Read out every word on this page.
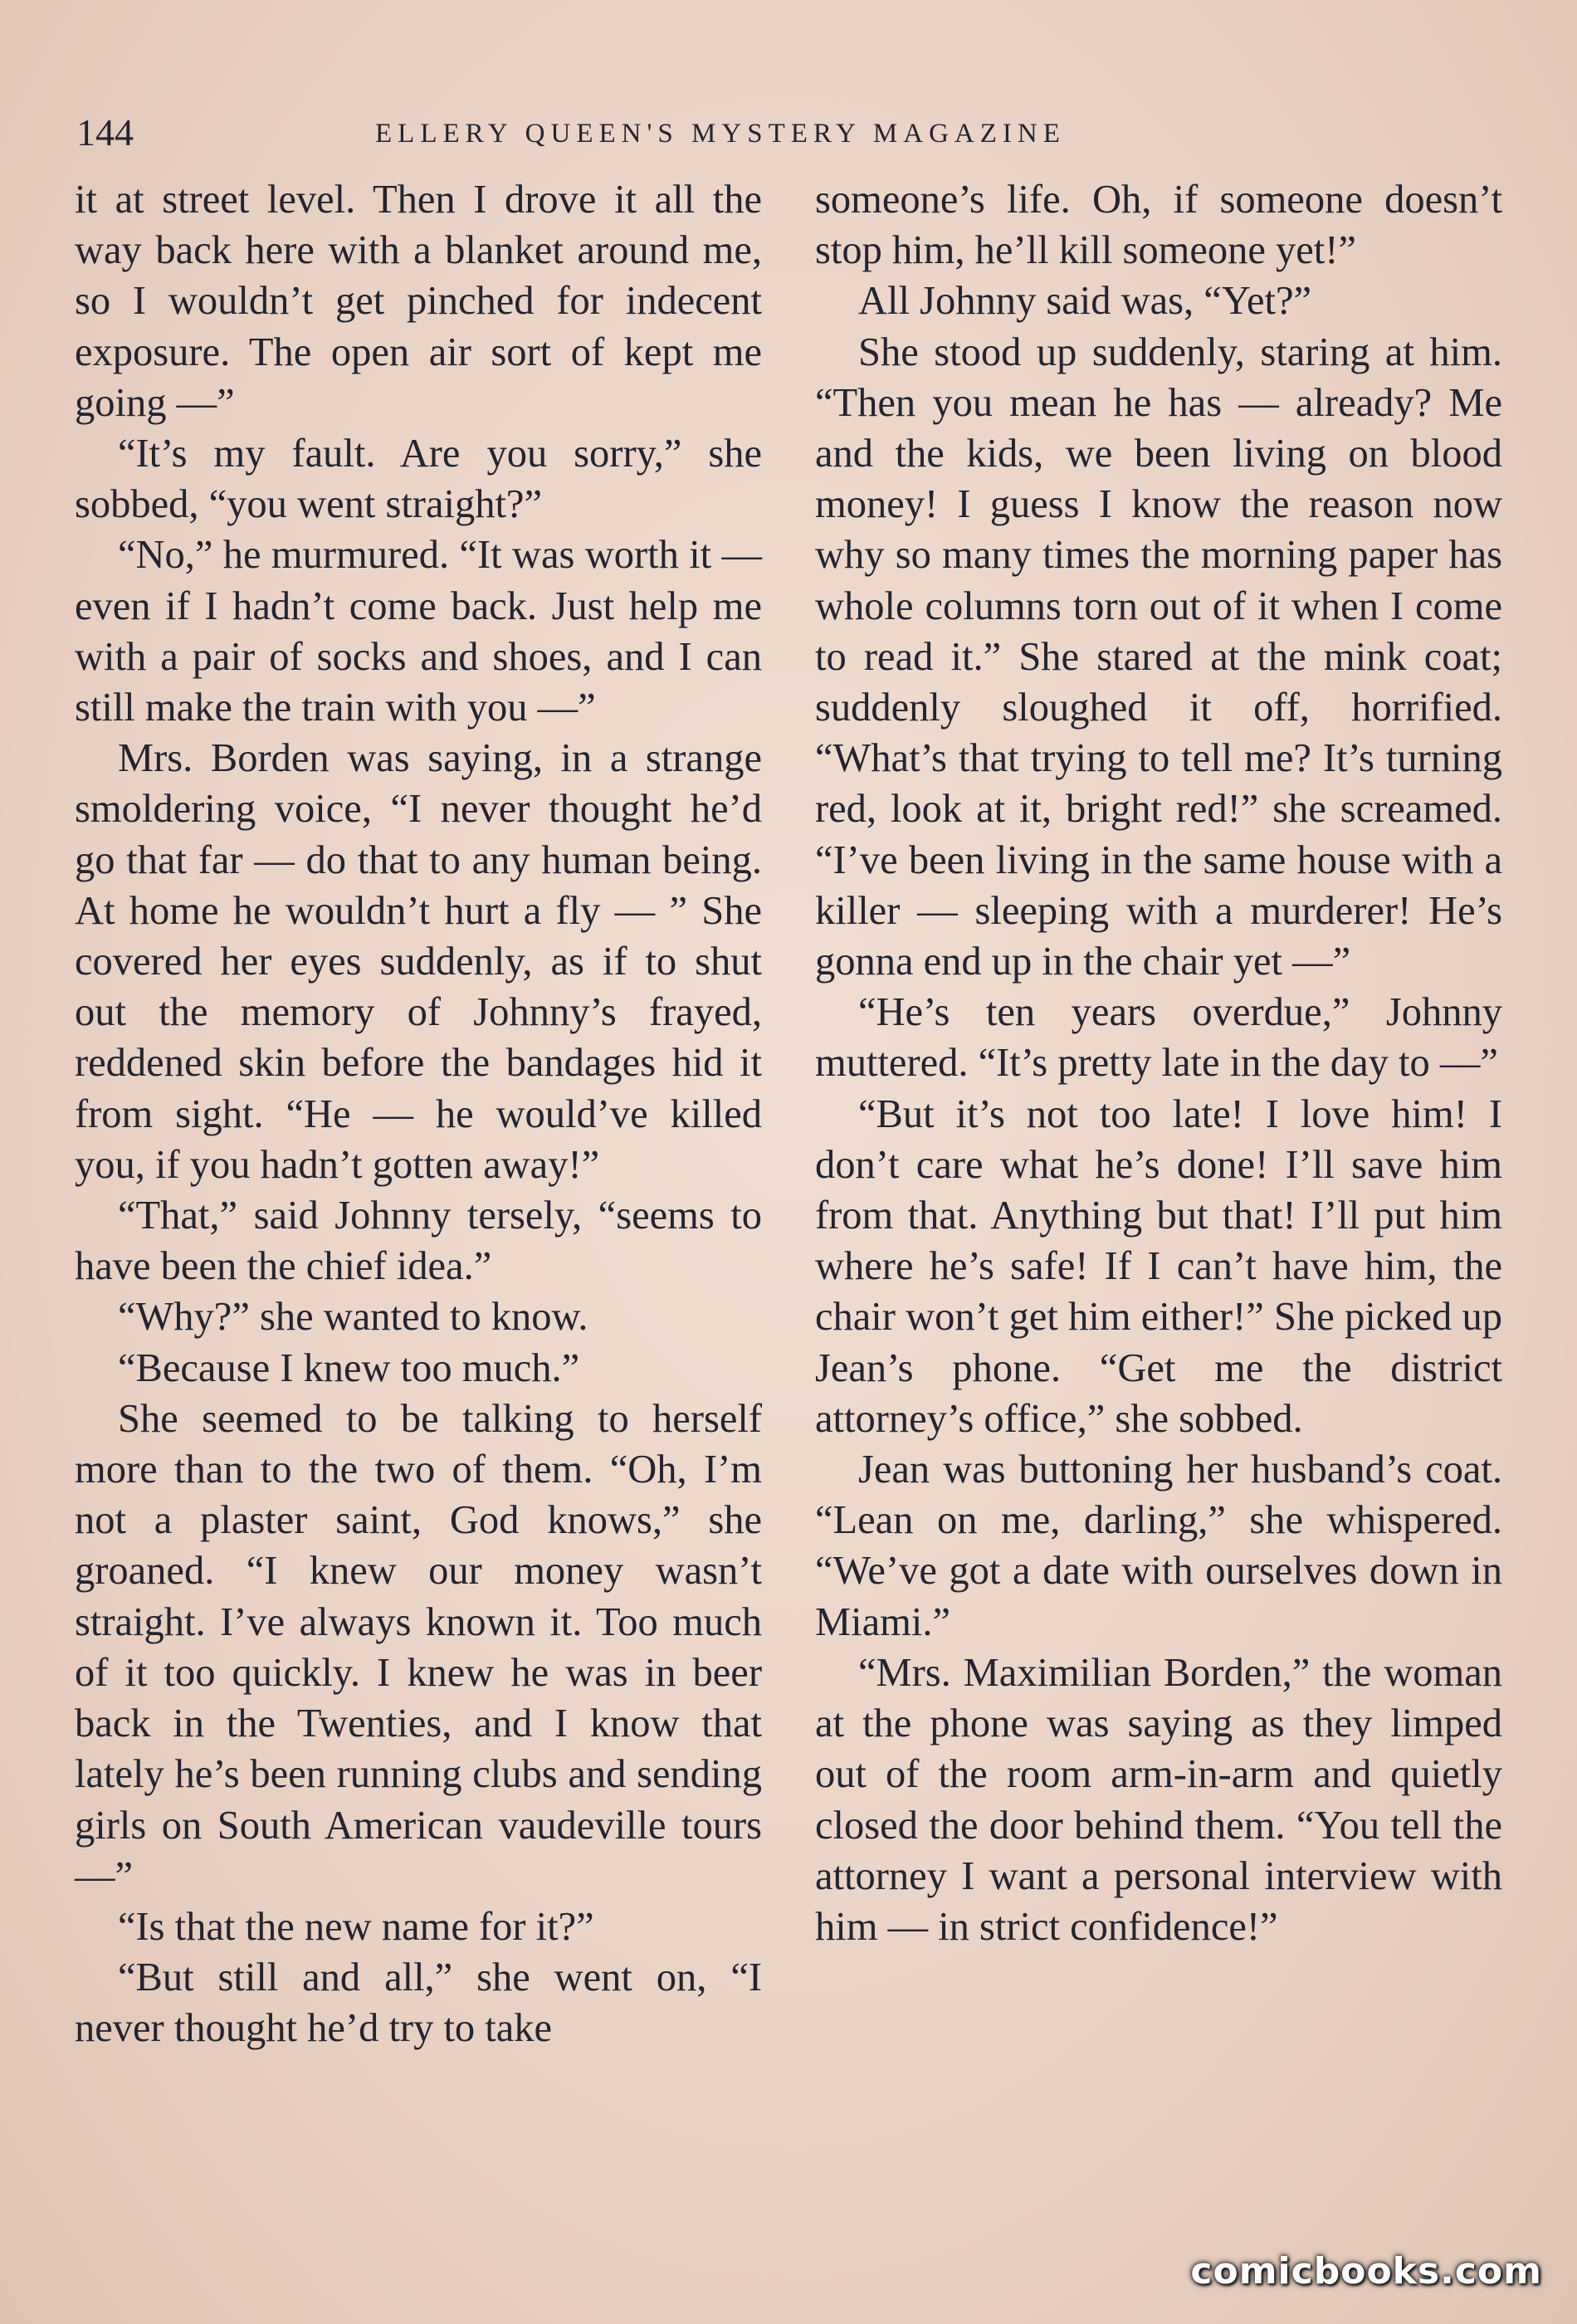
144	ELLERY QUEEN'S MYSTERY MAGAZINE

it at street level. Then I drove it all the way back here with a blanket around me, so I wouldn’t get pinched for indecent exposure. The open air sort of kept me going —”

“It’s my fault. Are you sorry,” she sobbed, “you went straight?”

“No,” he murmured. “It was worth it — even if I hadn’t come back. Just help me with a pair of socks and shoes, and I can still make the train with you —”

Mrs. Borden was saying, in a strange smoldering voice, “I never thought he’d go that far — do that to any human being. At home he wouldn’t hurt a fly — ” She covered her eyes suddenly, as if to shut out the memory of Johnny’s frayed, reddened skin before the bandages hid it from sight. “He — he would’ve killed you, if you hadn’t gotten away!”

“That,” said Johnny tersely, “seems to have been the chief idea.”

“Why?” she wanted to know.

“Because I knew too much.”

She seemed to be talking to herself more than to the two of them. “Oh, I’m not a plaster saint, God knows,” she groaned. “I knew our money wasn’t straight. I’ve always known it. Too much of it too quickly. I knew he was in beer back in the Twenties, and I know that lately he’s been running clubs and sending girls on South American vaudeville tours —”

“Is that the new name for it?”

“But still and all,” she went on, “I never thought he’d try to take

someone’s life. Oh, if someone doesn’t stop him, he’ll kill someone yet!”

All Johnny said was, “Yet?”

She stood up suddenly, staring at him. “Then you mean he has — already? Me and the kids, we been living on blood money! I guess I know the reason now why so many times the morning paper has whole columns torn out of it when I come to read it.” She stared at the mink coat; suddenly sloughed it off, horrified. “What’s that trying to tell me? It’s turning red, look at it, bright red!” she screamed. “I’ve been living in the same house with a killer — sleeping with a murderer! He’s gonna end up in the chair yet —”

“He’s ten years overdue,” Johnny muttered. “It’s pretty late in the day to —”

“But it’s not too late! I love him! I don’t care what he’s done! I’ll save him from that. Anything but that! I’ll put him where he’s safe! If I can’t have him, the chair won’t get him either!” She picked up Jean’s phone. “Get me the district attorney’s office,” she sobbed.

Jean was buttoning her husband’s coat. “Lean on me, darling,” she whispered. “We’ve got a date with ourselves down in Miami.”

“Mrs. Maximilian Borden,” the woman at the phone was saying as they limped out of the room arm-in-arm and quietly closed the door behind them. “You tell the attorney I want a personal interview with him — in strict confidence!”

comicbooks.com
